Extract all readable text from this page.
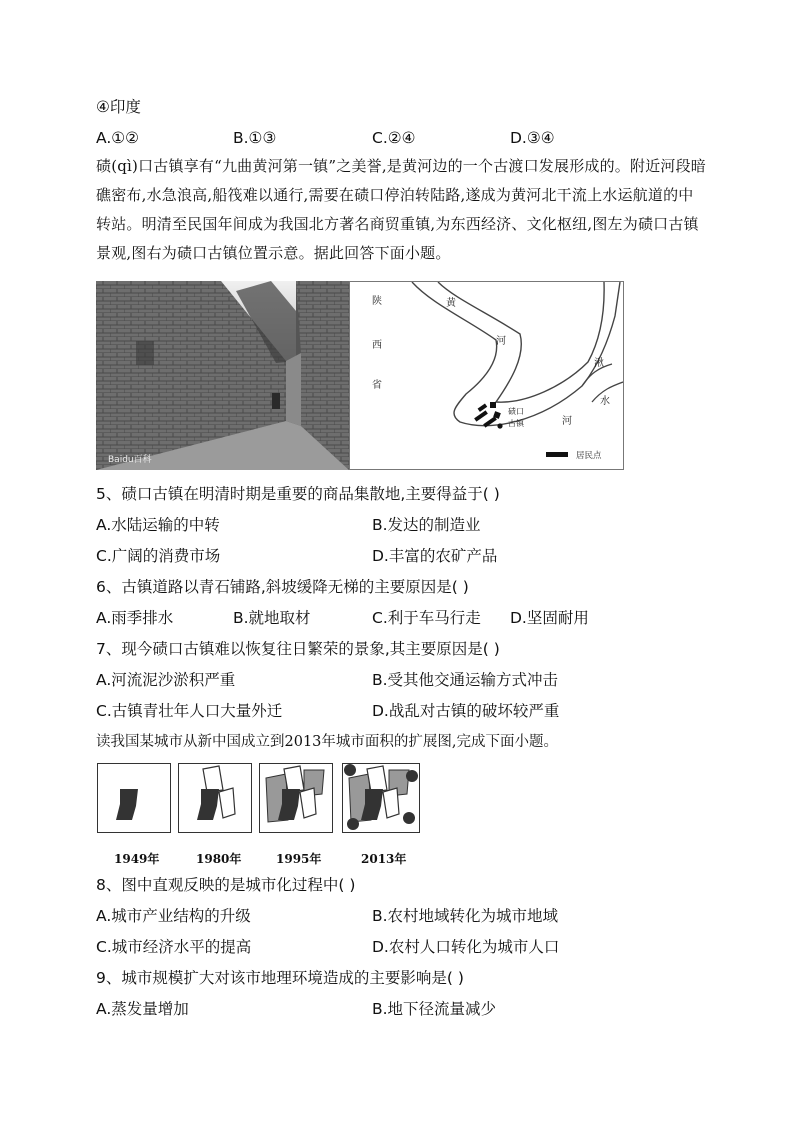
④印度
A.①②	B.①③	C.②④	D.③④
碛(qì)口古镇享有“九曲黄河第一镇”之美誉,是黄河边的一个古渡口发展形成的。附近河段暗礁密布,水急浪高,船筏难以通行,需要在碛口停泊转陆路,遂成为黄河北干流上水运航道的中转站。明清至民国年间成为我国北方著名商贸重镇,为东西经济、文化枢纽,图左为碛口古镇景观,图右为碛口古镇位置示意。据此回答下面小题。
Baidu百科
陕
西
省
黄
河
湫
水
河
碛口
古镇
居民点
5、碛口古镇在明清时期是重要的商品集散地,主要得益于( )
A.水陆运输的中转	B.发达的制造业
C.广阔的消费市场	D.丰富的农矿产品
6、古镇道路以青石铺路,斜坡缓降无梯的主要原因是( )
A.雨季排水	B.就地取材	C.利于车马行走 D.坚固耐用
7、现今碛口古镇难以恢复往日繁荣的景象,其主要原因是( )
A.河流泥沙淤积严重	B.受其他交通运输方式冲击
C.古镇青壮年人口大量外迁	D.战乱对古镇的破坏较严重
读我国某城市从新中国成立到2013年城市面积的扩展图,完成下面小题。
1949年	1980年	1995年	2013年
8、图中直观反映的是城市化过程中( )
A.城市产业结构的升级	B.农村地域转化为城市地域
C.城市经济水平的提高	D.农村人口转化为城市人口
9、城市规模扩大对该市地理环境造成的主要影响是( )
A.蒸发量增加	B.地下径流量减少
